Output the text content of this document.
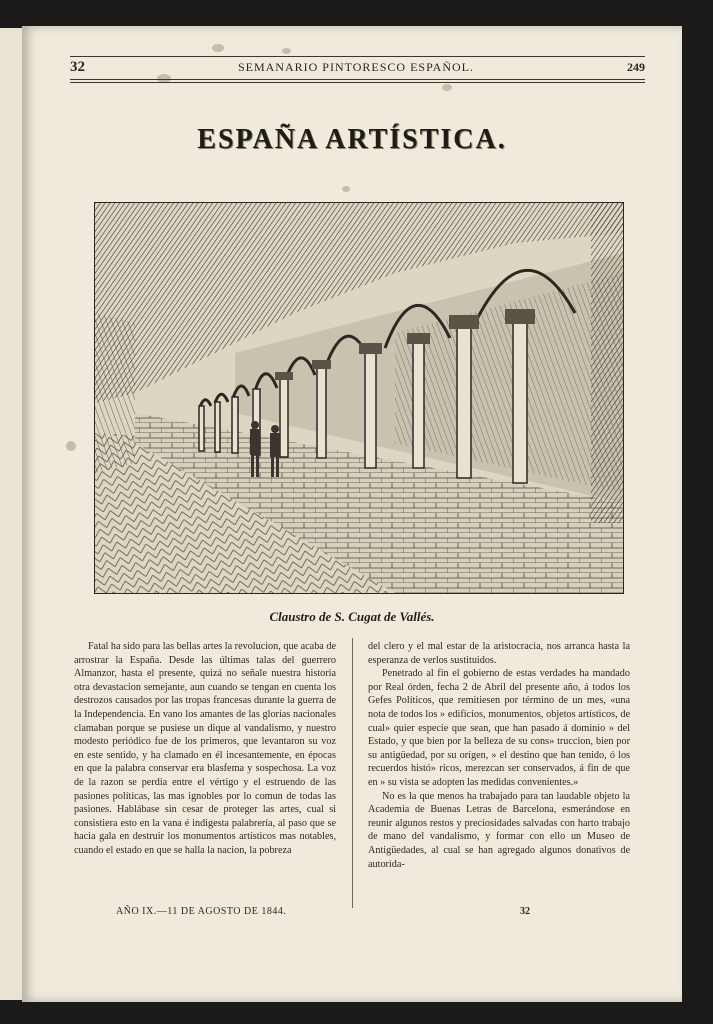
32	SEMANARIO PINTORESCO ESPAÑOL.	249
ESPAÑA ARTÍSTICA.
Claustro de S. Cugat de Vallés.

Fatal ha sido para las bellas artes la revolucion, que acaba de arrostrar la España. Desde las últimas talas del guerrero Almanzor, hasta el presente, quizá no señale nuestra historia otra devastacion semejante, aun cuando se tengan en cuenta los destrozos causados por las tropas francesas durante la guerra de la Independencia. En vano los amantes de las glorias nacionales clamaban porque se pusiese un dique al vandalismo, y nuestro modesto periódico fue de los primeros, que levantaron su voz en este sentido, y ha clamado en él incesantemente, en épocas en que la palabra conservar era blasfema y sospechosa. La voz de la razon se perdia entre el vértigo y el estruendo de las pasiones políticas, las mas ignobles por lo comun de todas las pasiones. Hablábase sin cesar de proteger las artes, cual si consistiera esto en la vana é indigesta palabrería, al paso que se hacia gala en destruir los monumentos artísticos mas notables, cuando el estado en que se halla la nacion, la pobreza

del clero y el mal estar de la aristocracia, nos arranca hasta la esperanza de verlos sustituidos.

Penetrado al fin el gobierno de estas verdades ha mandado por Real órden, fecha 2 de Abril del presente año, á todos los Gefes Políticos, que remitiesen por término de un mes, «una nota de todos los » edificios, monumentos, objetos artísticos, de cual» quier especie que sean, que han pasado á dominio » del Estado, y que bien por la belleza de su cons» truccion, bien por su antigüedad, por su orígen, » el destino que han tenido, ó los recuerdos histó» ricos, merezcan ser conservados, á fin de que en » su vista se adopten las medidas convenientes.»

No es la que menos ha trabajado para tan laudable objeto la Academia de Buenas Letras de Barcelona, esmerándose en reunir algunos restos y preciosidades salvadas con harto trabajo de mano del vandalismo, y formar con ello un Museo de Antigüedades, al cual se han agregado algunos donativos de autorida-

AÑO IX.—11 DE AGOSTO DE 1844.	32
